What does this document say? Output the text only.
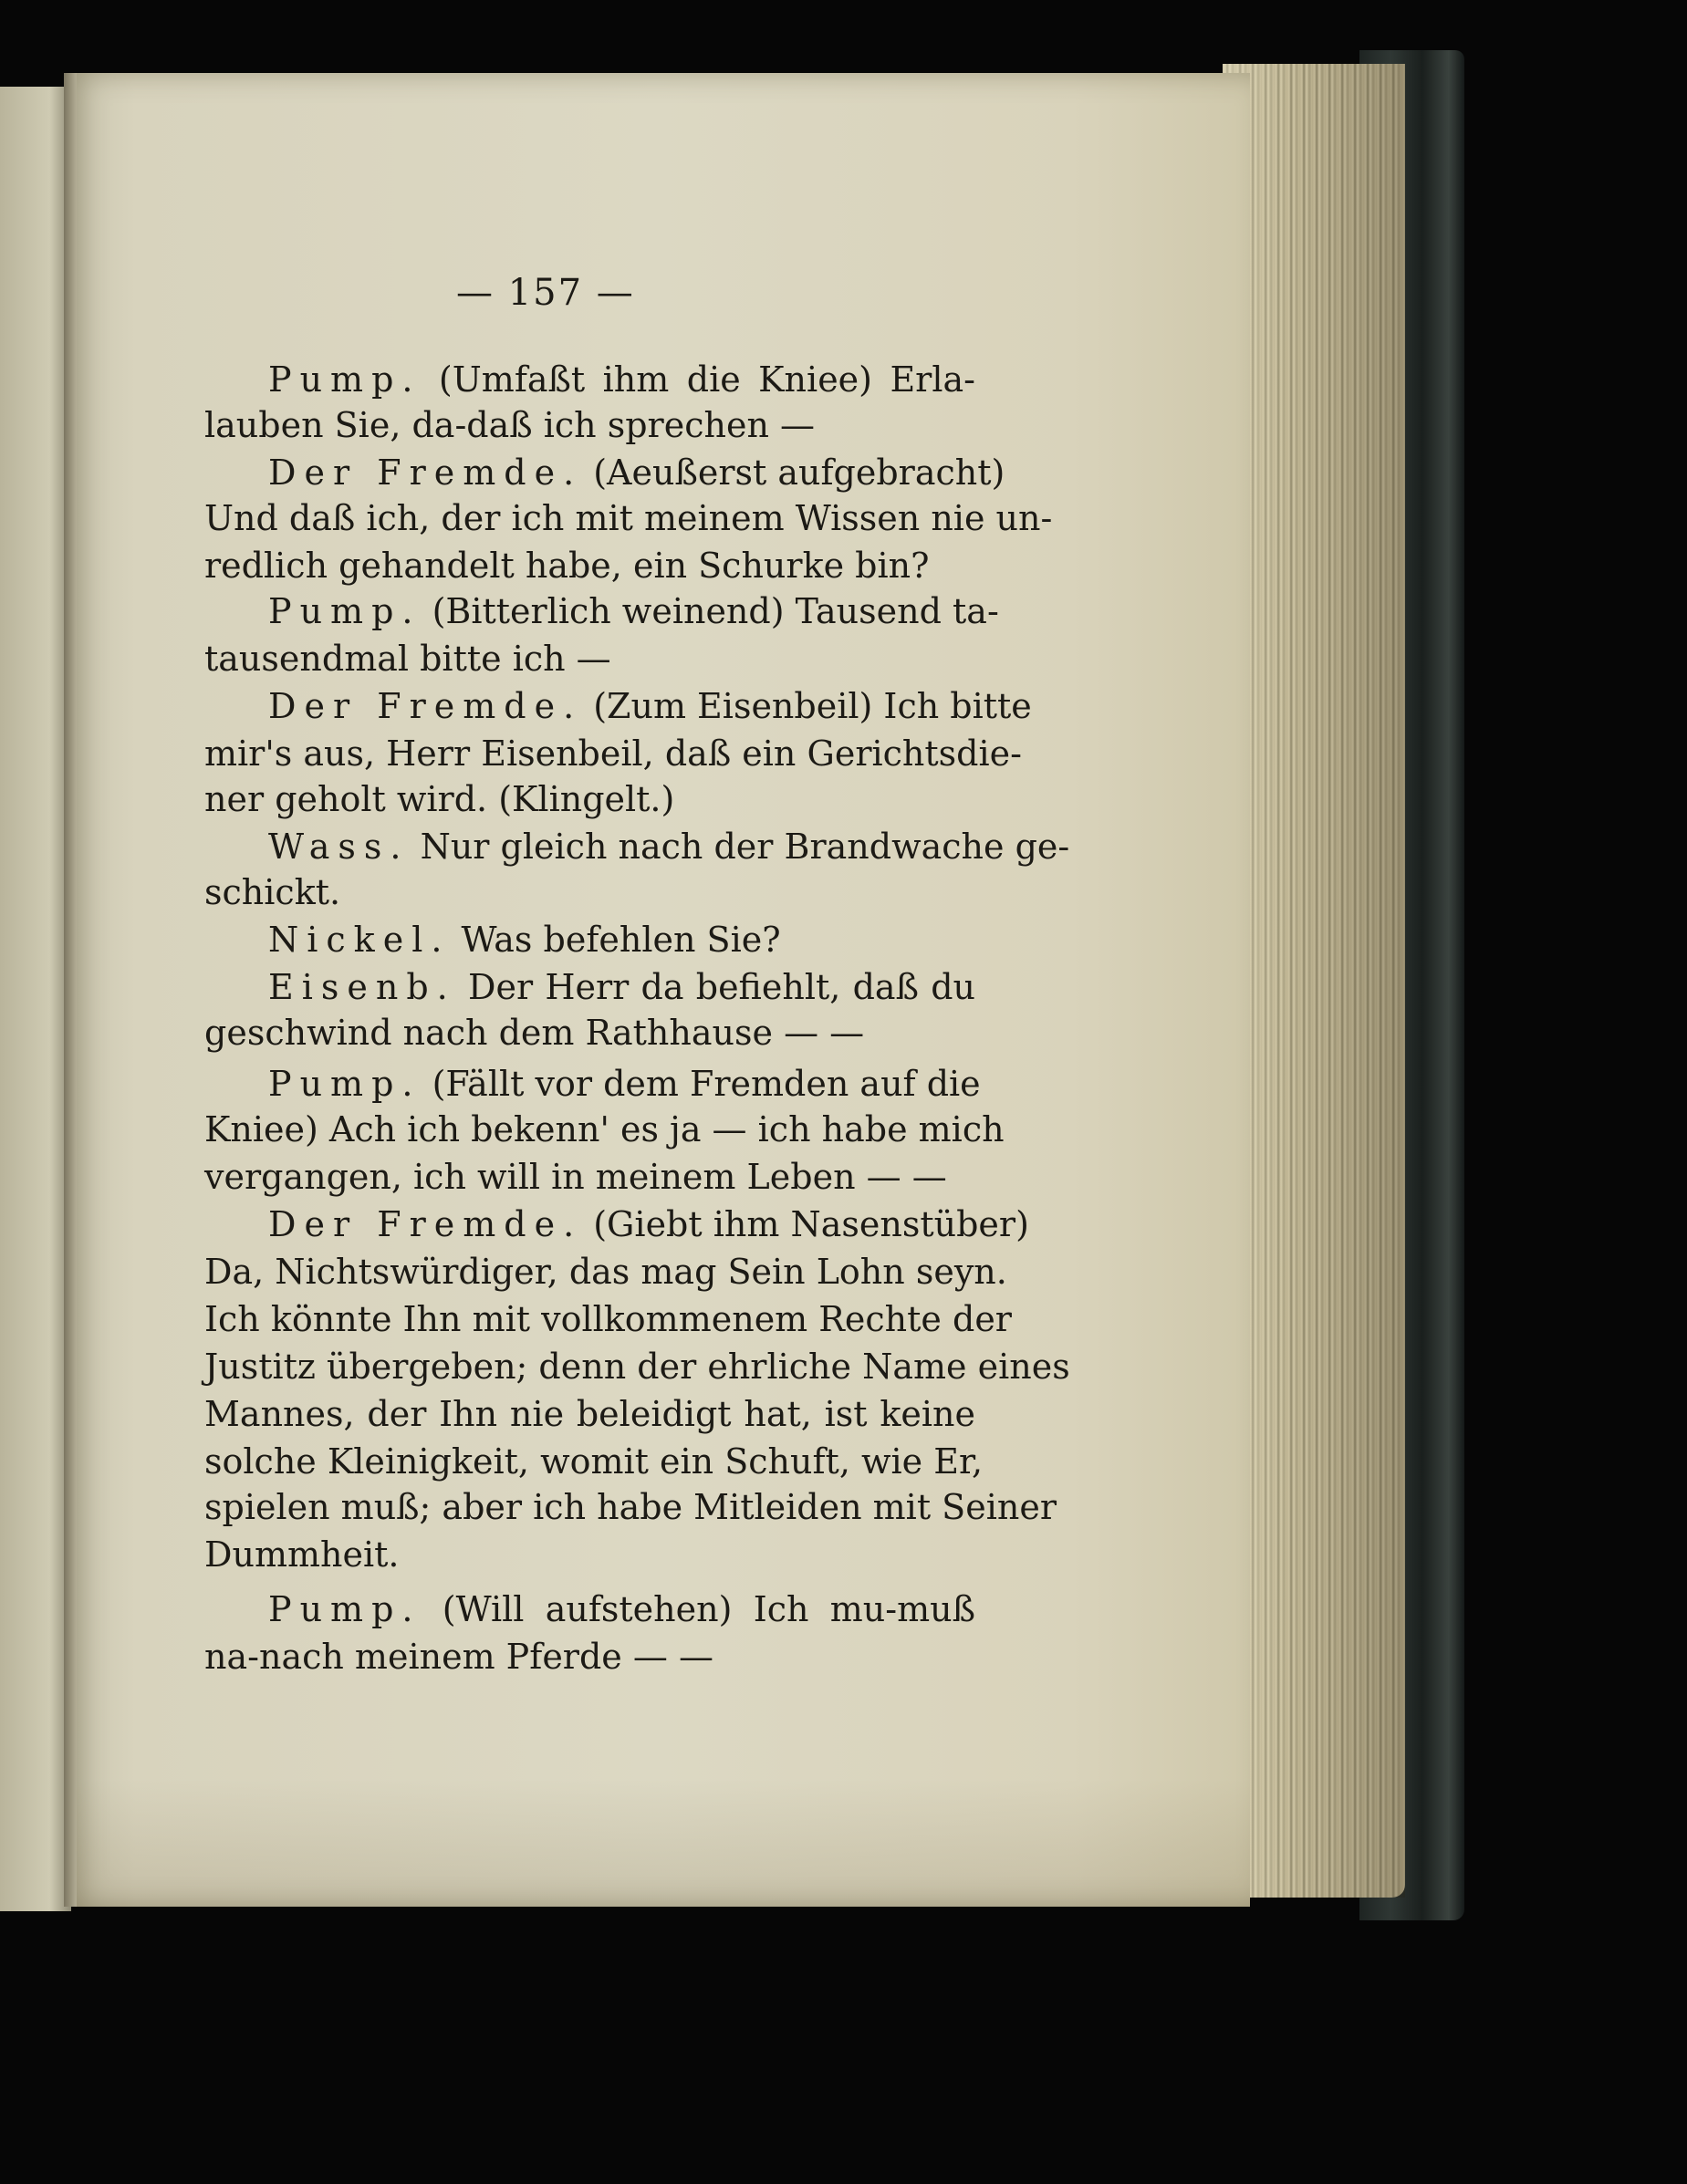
— 157 —
Pump. (Umfaßt ihm die Kniee) Erla-
lauben Sie, da-daß ich sprechen —
Der Fremde. (Aeußerst aufgebracht)
Und daß ich, der ich mit meinem Wissen nie un-
redlich gehandelt habe, ein Schurke bin?
Pump. (Bitterlich weinend) Tausend ta-
tausendmal bitte ich —
Der Fremde. (Zum Eisenbeil) Ich bitte
mir's aus, Herr Eisenbeil, daß ein Gerichtsdie-
ner geholt wird. (Klingelt.)
Wass. Nur gleich nach der Brandwache ge-
schickt.
Nickel. Was befehlen Sie?
Eisenb. Der Herr da befiehlt, daß du
geschwind nach dem Rathhause — —
Pump. (Fällt vor dem Fremden auf die
Kniee) Ach ich bekenn' es ja — ich habe mich
vergangen, ich will in meinem Leben — —
Der Fremde. (Giebt ihm Nasenstüber)
Da, Nichtswürdiger, das mag Sein Lohn seyn.
Ich könnte Ihn mit vollkommenem Rechte der
Justitz übergeben; denn der ehrliche Name eines
Mannes, der Ihn nie beleidigt hat, ist keine
solche Kleinigkeit, womit ein Schuft, wie Er,
spielen muß; aber ich habe Mitleiden mit Seiner
Dummheit.
Pump. (Will aufstehen) Ich mu-muß
na-nach meinem Pferde — —
